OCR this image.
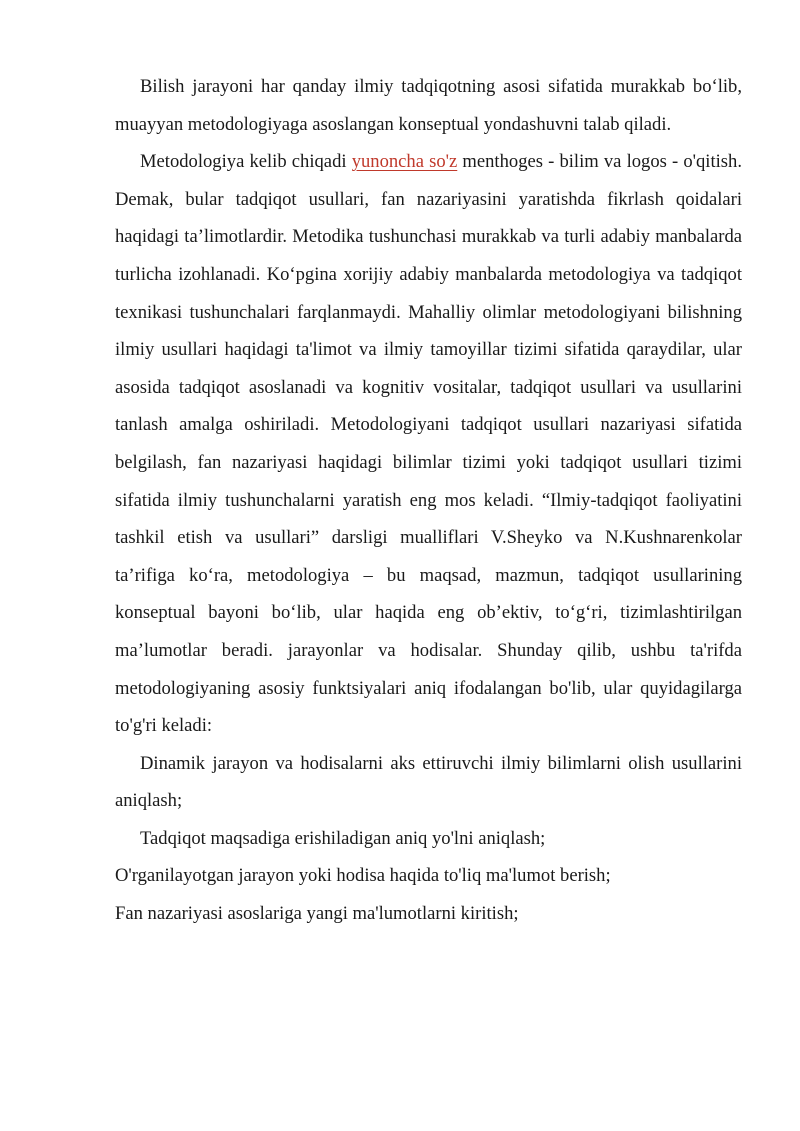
Bilish jarayoni har qanday ilmiy tadqiqotning asosi sifatida murakkab bo‘lib, muayyan metodologiyaga asoslangan konseptual yondashuvni talab qiladi.

Metodologiya kelib chiqadi yunoncha so'z menthoges - bilim va logos - o'qitish. Demak, bular tadqiqot usullari, fan nazariyasini yaratishda fikrlash qoidalari haqidagi ta’limotlardir. Metodika tushunchasi murakkab va turli adabiy manbalarda turlicha izohlanadi. Ko‘pgina xorijiy adabiy manbalarda metodologiya va tadqiqot texnikasi tushunchalari farqlanmaydi. Mahalliy olimlar metodologiyani bilishning ilmiy usullari haqidagi ta'limot va ilmiy tamoyillar tizimi sifatida qaraydilar, ular asosida tadqiqot asoslanadi va kognitiv vositalar, tadqiqot usullari va usullarini tanlash amalga oshiriladi. Metodologiyani tadqiqot usullari nazariyasi sifatida belgilash, fan nazariyasi haqidagi bilimlar tizimi yoki tadqiqot usullari tizimi sifatida ilmiy tushunchalarni yaratish eng mos keladi. “Ilmiy-tadqiqot faoliyatini tashkil etish va usullari” darsligi mualliflari V.Sheyko va N.Kushnarenkolar ta’rifiga ko‘ra, metodologiya – bu maqsad, mazmun, tadqiqot usullarining konseptual bayoni bo‘lib, ular haqida eng ob’ektiv, to‘g‘ri, tizimlashtirilgan ma’lumotlar beradi. jarayonlar va hodisalar. Shunday qilib, ushbu ta'rifda metodologiyaning asosiy funktsiyalari aniq ifodalangan bo'lib, ular quyidagilarga to'g'ri keladi:

Dinamik jarayon va hodisalarni aks ettiruvchi ilmiy bilimlarni olish usullarini aniqlash;

Tadqiqot maqsadiga erishiladigan aniq yo'lni aniqlash;

O'rganilayotgan jarayon yoki hodisa haqida to'liq ma'lumot berish;

Fan nazariyasi asoslariga yangi ma'lumotlarni kiritish;
